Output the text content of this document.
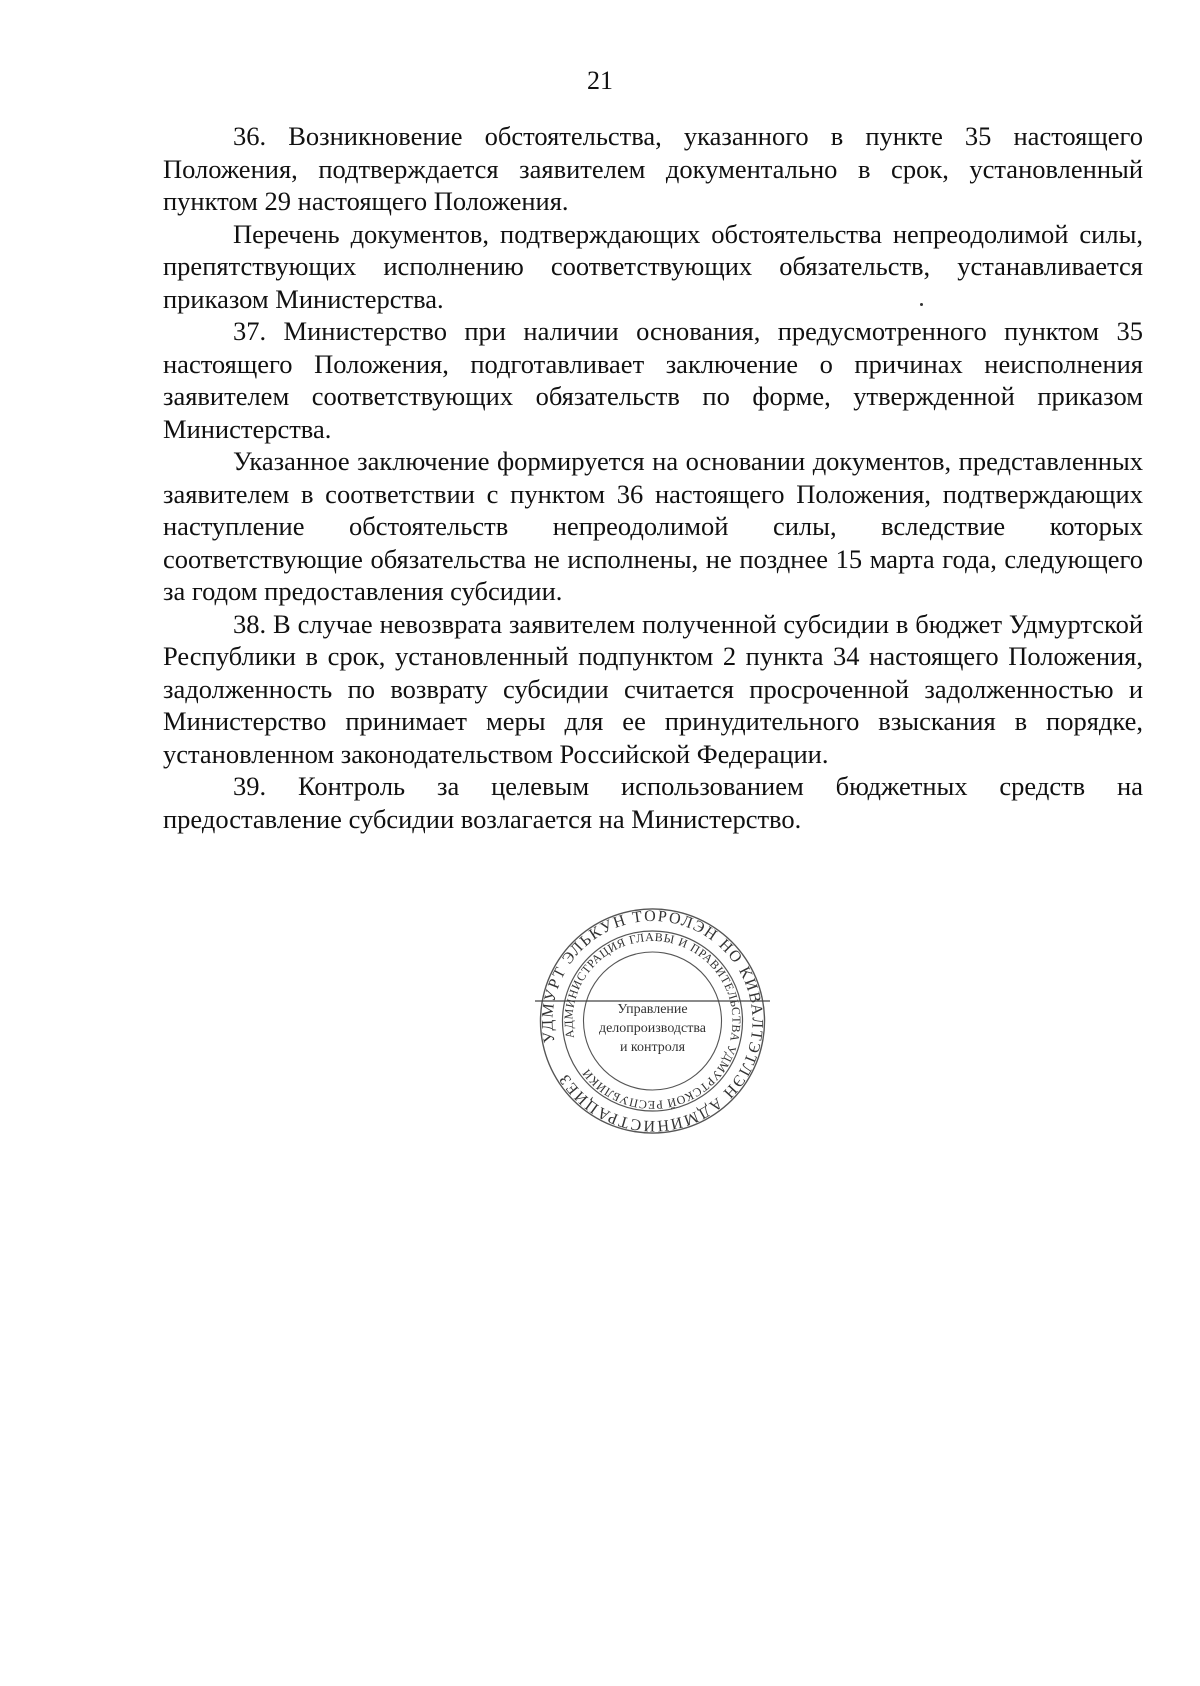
21

36. Возникновение обстоятельства, указанного в пункте 35 настоящего Положения, подтверждается заявителем документально в срок, установленный пунктом 29 настоящего Положения.

Перечень документов, подтверждающих обстоятельства непреодолимой силы, препятствующих исполнению соответствующих обязательств, устанавливается приказом Министерства.

37. Министерство при наличии основания, предусмотренного пунктом 35 настоящего Положения, подготавливает заключение о причинах неисполнения заявителем соответствующих обязательств по форме, утвержденной приказом Министерства.

Указанное заключение формируется на основании документов, представленных заявителем в соответствии с пунктом 36 настоящего Положения, подтверждающих наступление обстоятельств непреодолимой силы, вследствие которых соответствующие обязательства не исполнены, не позднее 15 марта года, следующего за годом предоставления субсидии.

38. В случае невозврата заявителем полученной субсидии в бюджет Удмуртской Республики в срок, установленный подпунктом 2 пункта 34 настоящего Положения, задолженность по возврату субсидии считается просроченной задолженностью и Министерство принимает меры для ее принудительного взыскания в порядке, установленном законодательством Российской Федерации.

39. Контроль за целевым использованием бюджетных средств на предоставление субсидии возлагается на Министерство.

УДМУРТ ЭЛЬКУН ТОРОЛЭН НО КИВАЛТЭТЛЭН АДМИНИСТРАЦИЕЗ
АДМИНИСТРАЦИЯ ГЛАВЫ И ПРАВИТЕЛЬСТВА УДМУРТСКОЙ РЕСПУБЛИКИ
Управление
делопроизводства
и контроля
